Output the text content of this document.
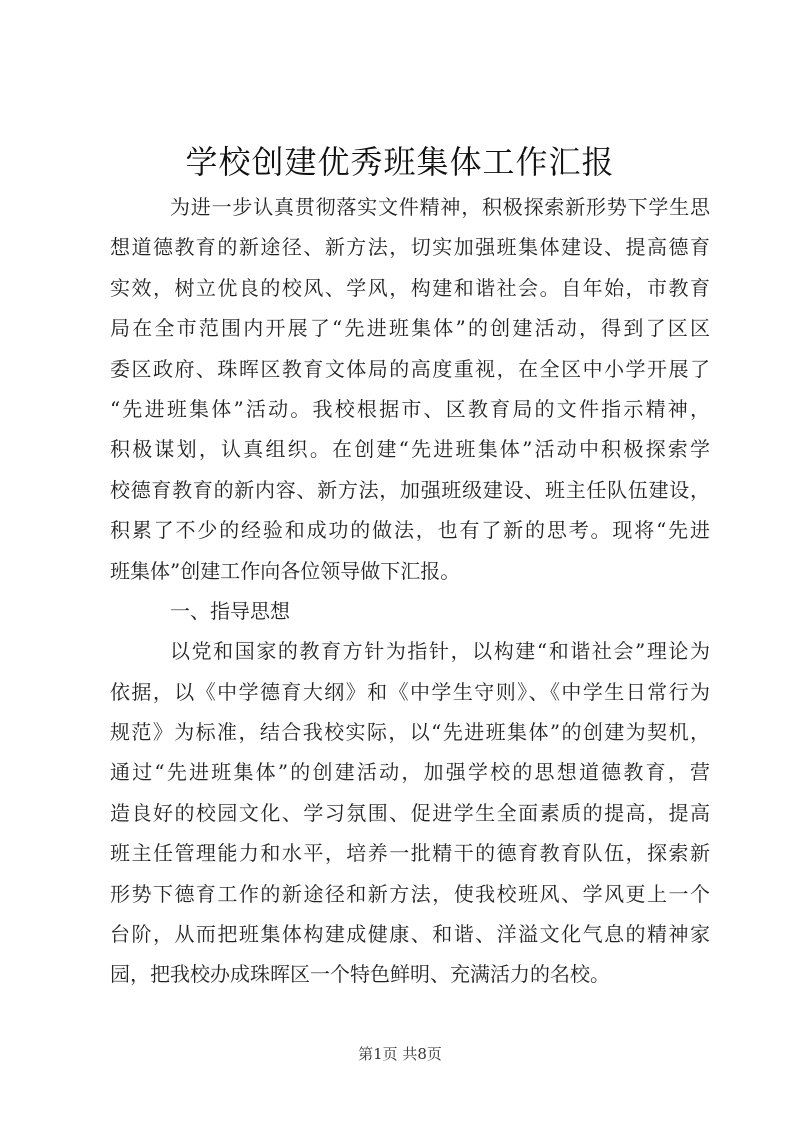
学校创建优秀班集体工作汇报
为进一步认真贯彻落实文件精神，积极探索新形势下学生思
想道德教育的新途径、新方法，切实加强班集体建设、提高德育
实效，树立优良的校风、学风，构建和谐社会。自年始，市教育
局在全市范围内开展了“先进班集体”的创建活动，得到了区区
委区政府、珠晖区教育文体局的高度重视，在全区中小学开展了
“先进班集体”活动。我校根据市、区教育局的文件指示精神，
积极谋划，认真组织。在创建“先进班集体”活动中积极探索学
校德育教育的新内容、新方法，加强班级建设、班主任队伍建设，
积累了不少的经验和成功的做法，也有了新的思考。现将“先进
班集体”创建工作向各位领导做下汇报。
一、指导思想
以党和国家的教育方针为指针，以构建“和谐社会”理论为
依据，以《中学德育大纲》和《中学生守则》、《中学生日常行为
规范》为标准，结合我校实际，以“先进班集体”的创建为契机，
通过“先进班集体”的创建活动，加强学校的思想道德教育，营
造良好的校园文化、学习氛围、促进学生全面素质的提高，提高
班主任管理能力和水平，培养一批精干的德育教育队伍，探索新
形势下德育工作的新途径和新方法，使我校班风、学风更上一个
台阶，从而把班集体构建成健康、和谐、洋溢文化气息的精神家
园，把我校办成珠晖区一个特色鲜明、充满活力的名校。
第1页 共8页
